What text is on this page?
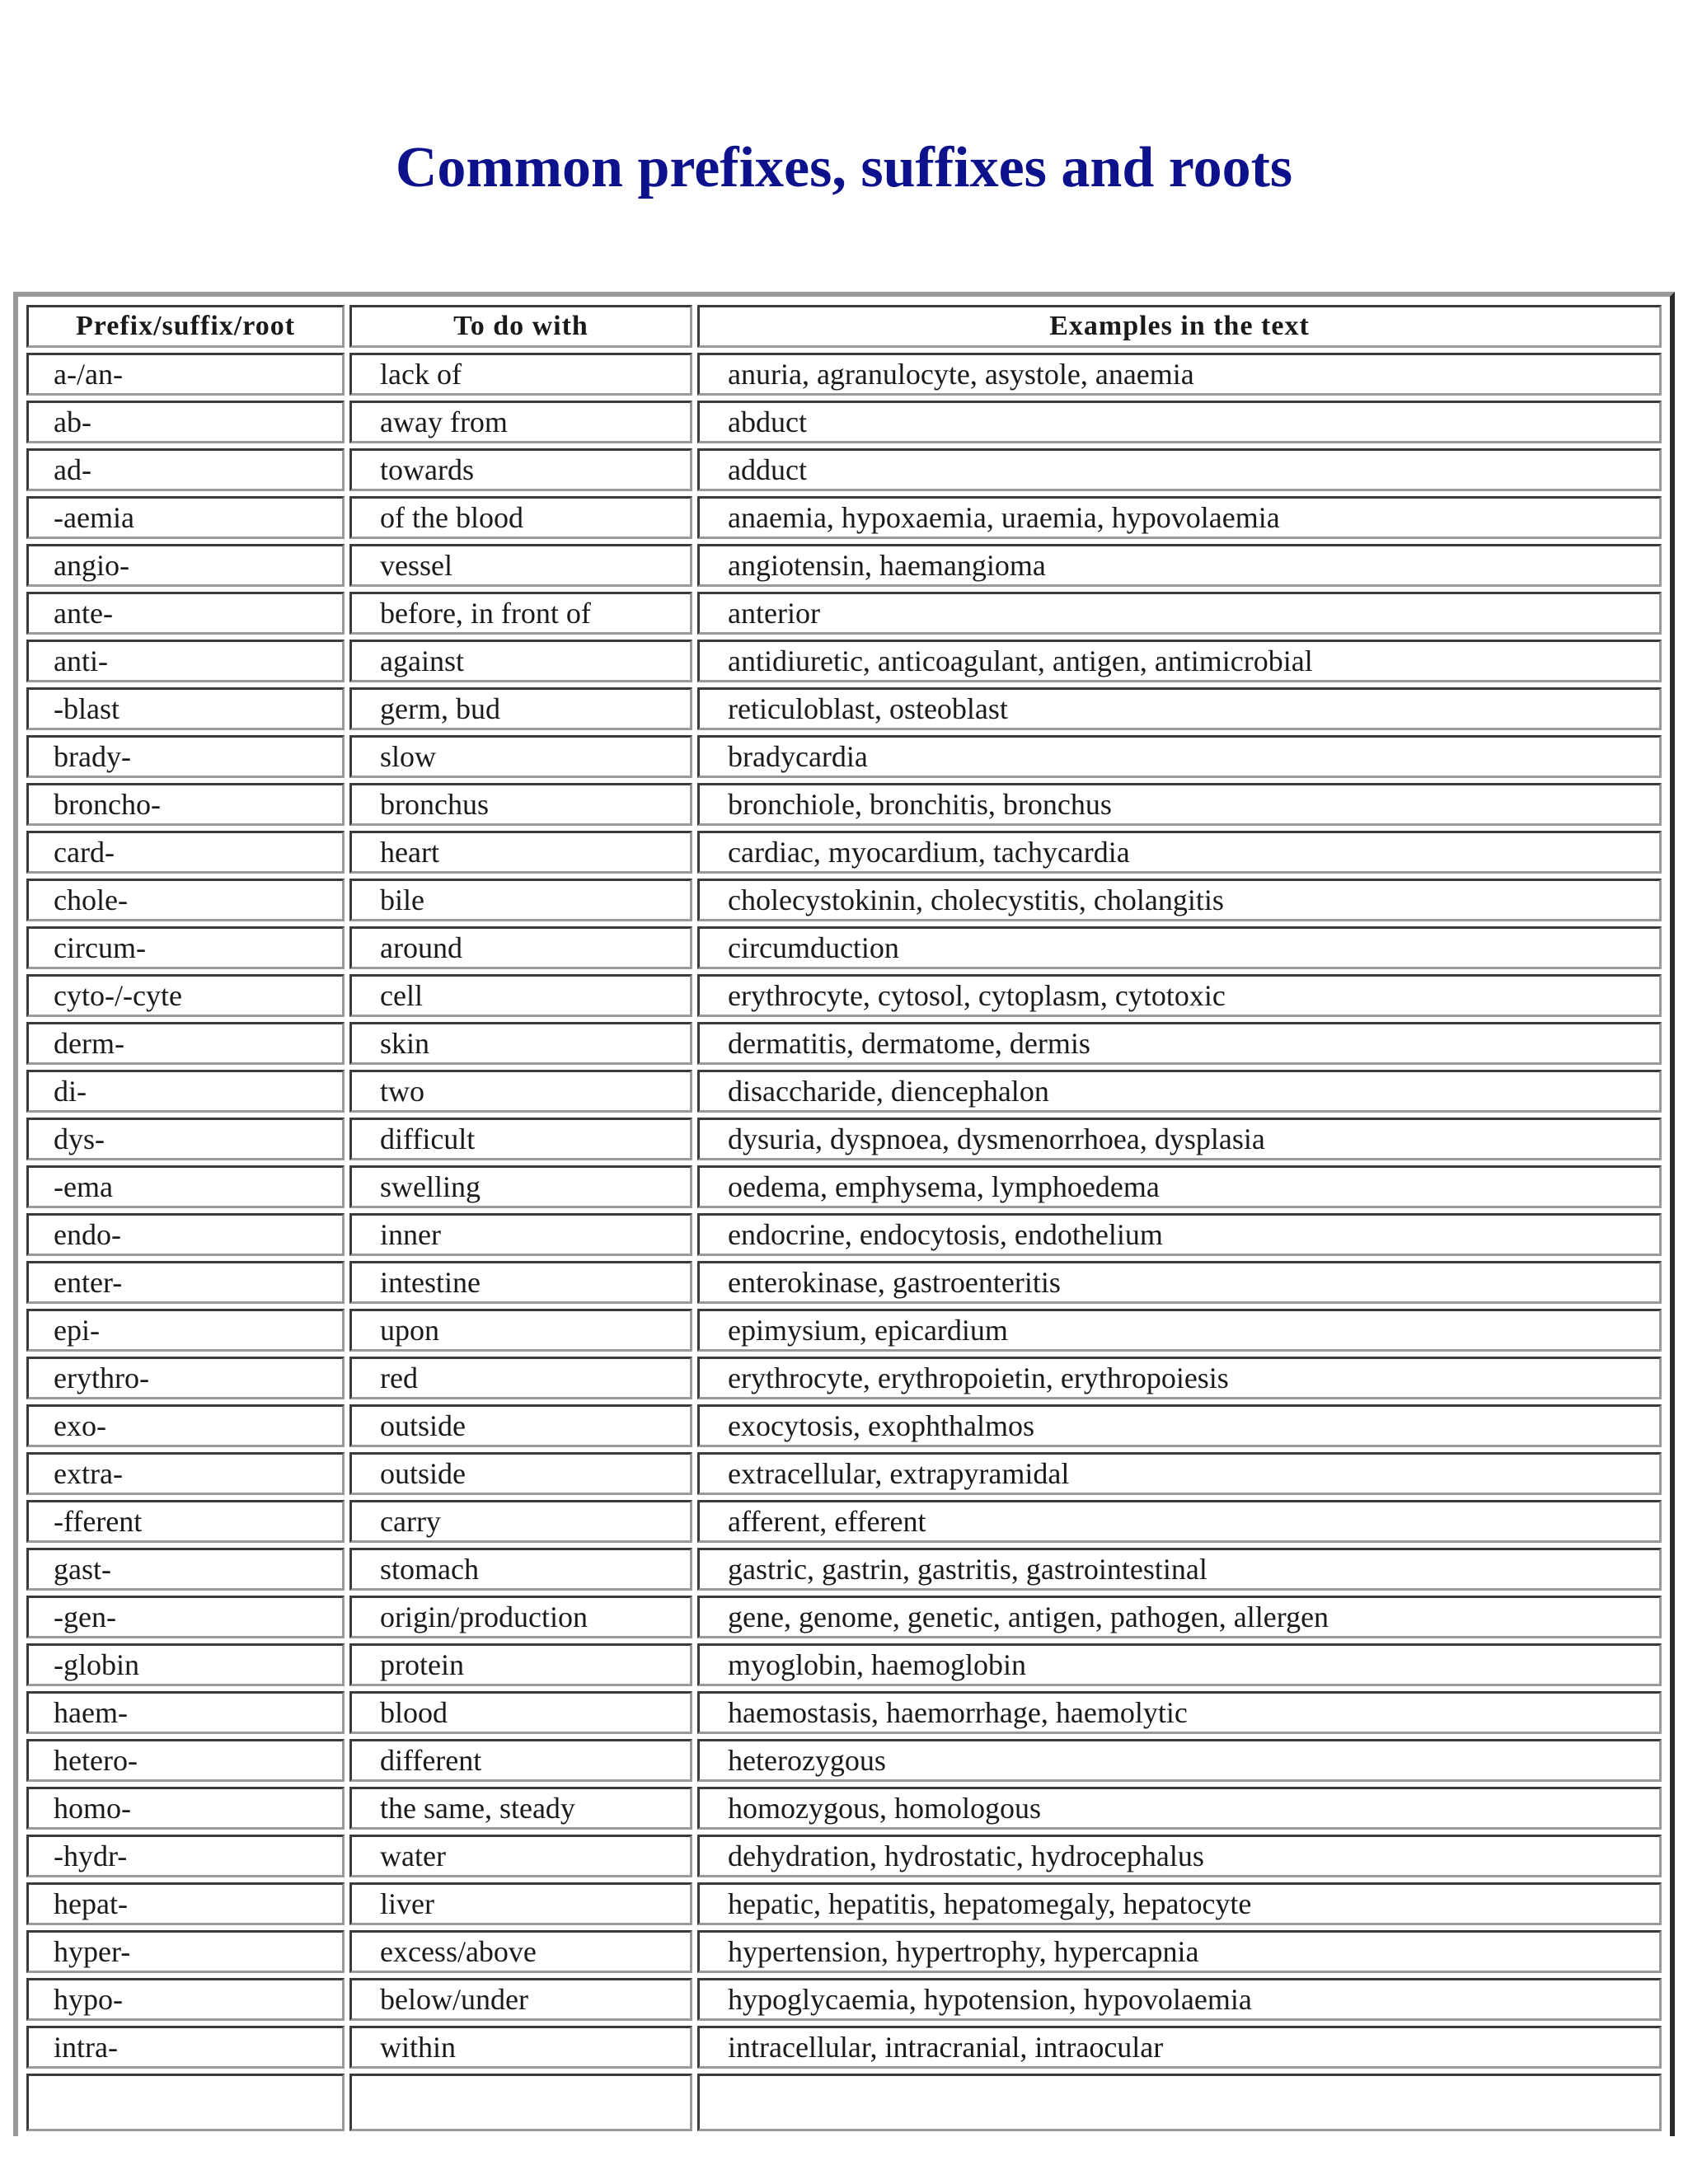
Common prefixes, suffixes and roots
Prefix/suffix/root	To do with	Examples in the text
a-/an-	lack of	anuria, agranulocyte, asystole, anaemia
ab-	away from	abduct
ad-	towards	adduct
-aemia	of the blood	anaemia, hypoxaemia, uraemia, hypovolaemia
angio-	vessel	angiotensin, haemangioma
ante-	before, in front of	anterior
anti-	against	antidiuretic, anticoagulant, antigen, antimicrobial
-blast	germ, bud	reticuloblast, osteoblast
brady-	slow	bradycardia
broncho-	bronchus	bronchiole, bronchitis, bronchus
card-	heart	cardiac, myocardium, tachycardia
chole-	bile	cholecystokinin, cholecystitis, cholangitis
circum-	around	circumduction
cyto-/-cyte	cell	erythrocyte, cytosol, cytoplasm, cytotoxic
derm-	skin	dermatitis, dermatome, dermis
di-	two	disaccharide, diencephalon
dys-	difficult	dysuria, dyspnoea, dysmenorrhoea, dysplasia
-ema	swelling	oedema, emphysema, lymphoedema
endo-	inner	endocrine, endocytosis, endothelium
enter-	intestine	enterokinase, gastroenteritis
epi-	upon	epimysium, epicardium
erythro-	red	erythrocyte, erythropoietin, erythropoiesis
exo-	outside	exocytosis, exophthalmos
extra-	outside	extracellular, extrapyramidal
-fferent	carry	afferent, efferent
gast-	stomach	gastric, gastrin, gastritis, gastrointestinal
-gen-	origin/production	gene, genome, genetic, antigen, pathogen, allergen
-globin	protein	myoglobin, haemoglobin
haem-	blood	haemostasis, haemorrhage, haemolytic
hetero-	different	heterozygous
homo-	the same, steady	homozygous, homologous
-hydr-	water	dehydration, hydrostatic, hydrocephalus
hepat-	liver	hepatic, hepatitis, hepatomegaly, hepatocyte
hyper-	excess/above	hypertension, hypertrophy, hypercapnia
hypo-	below/under	hypoglycaemia, hypotension, hypovolaemia
intra-	within	intracellular, intracranial, intraocular
